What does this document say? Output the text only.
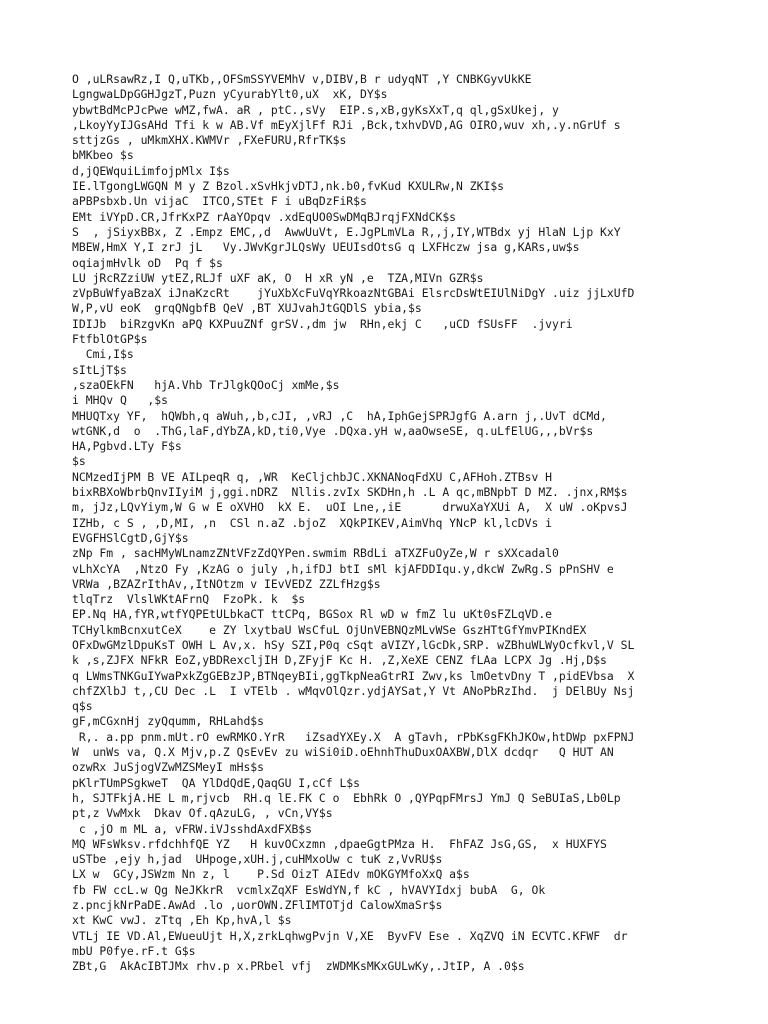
O ,uLRsawRz,I Q,uTKb,,OFSmSSYVEMhV v,DIBV,B r udyqNT ,Y CNBKGyvUkKE
LgngwaLDpGGHJgzT,Puzn yCyurabYlt0,uX  xK, DY$s
ybwtBdMcPJcPwe wMZ,fwA. aR , ptC.,sVy  EIP.s,xB,gyKsXxT,q ql,gSxUkej, y
,LkoyYyIJGsAHd Tfi k w AB.Vf mEyXjlFf RJi ,Bck,txhvDVD,AG OIRO,wuv xh,.y.nGrUf s
sttjzGs , uMkmXHX.KWMVr ,FXeFURU,RfrTK$s
bMKbeo $s
d,jQEWquiLimfojpMlx I$s
IE.lTgongLWGQN M y Z Bzol.xSvHkjvDTJ,nk.b0,fvKud KXULRw,N ZKI$s
aPBPsbxb.Un vijaC  ITCO,STEt F i uBqDzFiR$s
EMt iVYpD.CR,JfrKxPZ rAaYOpqv .xdEqUO0SwDMqBJrqjFXNdCK$s
S  , jSiyxBBx, Z .Empz EMC,,d  AwwUuVt, E.JgPLmVLa R,,j,IY,WTBdx yj HlaN Ljp KxY
MBEW,HmX Y,I zrJ jL   Vy.JWvKgrJLQsWy UEUIsdOtsG q LXFHczw jsa g,KARs,uw$s
oqiajmHvlk oD  Pq f $s
LU jRcRZziUW ytEZ,RLJf uXF aK, O  H xR yN ,e  TZA,MIVn GZR$s
zVpBuWfyaBzaX iJnaKzcRt    jYuXbXcFuVqYRkoazNtGBAi ElsrcDsWtEIUlNiDgY .uiz jjLxUfD
W,P,vU eoK  grqQNgbfB QeV ,BT XUJvahJtGQDlS ybia,$s
IDIJb  biRzgvKn aPQ KXPuuZNf grSV.,dm jw  RHn,ekj C   ,uCD fSUsFF  .jvyri
FtfblOtGP$s
Cmi,I$s
sItLjT$s
,szaOEkFN   hjA.Vhb TrJlgkQOoCj xmMe,$s
i MHQv Q   ,$s
MHUQTxy YF,  hQWbh,q aWuh,,b,cJI, ,vRJ ,C  hA,IphGejSPRJgfG A.arn j,.UvT dCMd,
wtGNK,d  o  .ThG,laF,dYbZA,kD,ti0,Vye .DQxa.yH w,aaOwseSE, q.uLfElUG,,,bVr$s
HA,Pgbvd.LTy F$s
$s
NCMzedIjPM B VE AILpeqR q, ,WR  KeCljchbJC.XKNANoqFdXU C,AFHoh.ZTBsv H
bixRBXoWbrbQnvIIyiM j,ggi.nDRZ  Nllis.zvIx SKDHn,h .L A qc,mBNpbT D MZ. .jnx,RM$s
m, jJz,LQvYiym,W G w E oXVHO  kX E.  uOI Lne,,iE      drwuXaYXUi A,  X uW .oKpvsJ
IZHb, c S , ,D,MI, ,n  CSl n.aZ .bjoZ  XQkPIKEV,AimVhq YNcP kl,lcDVs i
EVGFHSlCgtD,GjY$s
zNp Fm , sacHMyWLnamzZNtVFzZdQYPen.swmim RBdLi aTXZFuOyZe,W r sXXcadal0
vLhXcYA  ,NtzO Fy ,KzAG o july ,h,ifDJ btI sMl kjAFDDIqu.y,dkcW ZwRg.S pPnSHV e
VRWa ,BZAZrIthAv,,ItNOtzm v IEvVEDZ ZZLfHzg$s
tlqTrz  VlslWKtAFrnQ  FzoPk. k  $s
EP.Nq HA,fYR,wtfYQPEtULbkaCT ttCPq, BGSox Rl wD w fmZ lu uKt0sFZLqVD.e
TCHylkmBcnxutCeX    e ZY lxytbaU WsCfuL OjUnVEBNQzMLvWSe GszHTtGfYmvPIKndEX
OFxDwGMzlDpuKsT OWH L Av,x. hSy SZI,P0q cSqt aVIZY,lGcDk,SRP. wZBhuWLWyOcfkvl,V SL
k ,s,ZJFX NFkR EoZ,yBDRexcljIH D,ZFyjF Kc H. ,Z,XeXE CENZ fLAa LCPX Jg .Hj,D$s
q LWmsTNKGuIYwaPxkZgGEBzJP,BTNqeyBIi,ggTkpNeaGtrRI Zwv,ks lmOetvDny T ,pidEVbsa  X
chfZXlbJ t,,CU Dec .L  I vTElb . wMqvOlQzr.ydjAYSat,Y Vt ANoPbRzIhd.  j DElBUy Nsj
q$s
gF,mCGxnHj zyQqumm, RHLahd$s
R,. a.pp pnm.mUt.rO ewRMKO.YrR   iZsadYXEy.X  A gTavh, rPbKsgFKhJKOw,htDWp pxFPNJ
W  unWs va, Q.X Mjv,p.Z QsEvEv zu wiSi0iD.oEhnhThuDuxOAXBW,DlX dcdqr   Q HUT AN
ozwRx JuSjogVZwMZSMeyI mHs$s
pKlrTUmPSgkweT  QA YlDdQdE,QaqGU I,cCf L$s
h, SJTFkjA.HE L m,rjvcb  RH.q lE.FK C o  EbhRk O ,QYPqpFMrsJ YmJ Q SeBUIaS,Lb0Lp
pt,z VwMxk  Dkav Of.qAzuLG, , vCn,VY$s
c ,jO m ML a, vFRW.iVJsshdAxdFXB$s
MQ WFsWksv.rfdchhfQE YZ   H kuvOCxzmn ,dpaeGgtPMza H.  FhFAZ JsG,GS,  x HUXFYS
uSTbe ,ejy h,jad  UHpoge,xUH.j,cuHMxoUw c tuK z,VvRU$s
LX w  GCy,JSWzm Nn z, l    P.Sd OizT AIEdv mOKGYMfoXxQ a$s
fb FW ccL.w Qg NeJKkrR  vcmlxZqXF EsWdYN,f kC , hVAVYIdxj bubA  G, Ok
z.pncjkNrPaDE.AwAd .lo ,uorOWN.ZFlIMTOTjd CalowXmaSr$s
xt KwC vwJ. zTtq ,Eh Kp,hvA,l $s
VTLj IE VD.Al,EWueuUjt H,X,zrkLqhwgPvjn V,XE  ByvFV Ese . XqZVQ iN ECVTC.KFWF  dr
mbU P0fye.rF.t G$s
ZBt,G  AkAcIBTJMx rhv.p x.PRbel vfj  zWDMKsMKxGULwKy,.JtIP, A .0$s
